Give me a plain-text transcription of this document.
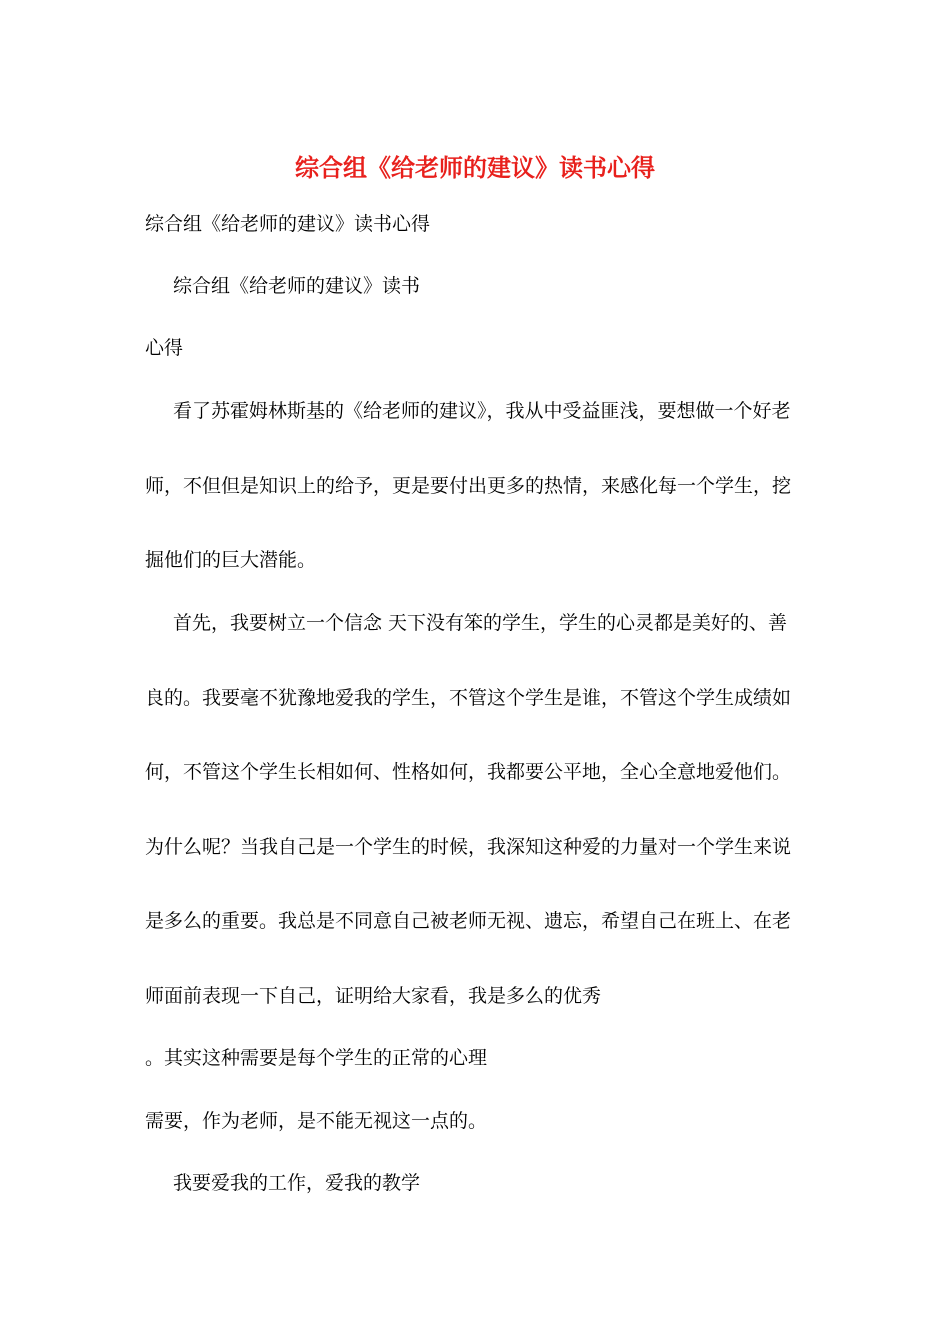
综合组《给老师的建议》读书心得
综合组《给老师的建议》读书心得
综合组《给老师的建议》读书
心得
看了苏霍姆林斯基的《给老师的建议》，我从中受益匪浅，要想做一个好老
师，不但但是知识上的给予，更是要付出更多的热情，来感化每一个学生，挖
掘他们的巨大潜能。
首先，我要树立一个信念 天下没有笨的学生，学生的心灵都是美好的、善
良的。我要毫不犹豫地爱我的学生，不管这个学生是谁，不管这个学生成绩如
何，不管这个学生长相如何、性格如何，我都要公平地，全心全意地爱他们。
为什么呢？当我自己是一个学生的时候，我深知这种爱的力量对一个学生来说
是多么的重要。我总是不同意自己被老师无视、遗忘，希望自己在班上、在老
师面前表现一下自己，证明给大家看，我是多么的优秀
。其实这种需要是每个学生的正常的心理
需要，作为老师，是不能无视这一点的。
我要爱我的工作，爱我的教学
